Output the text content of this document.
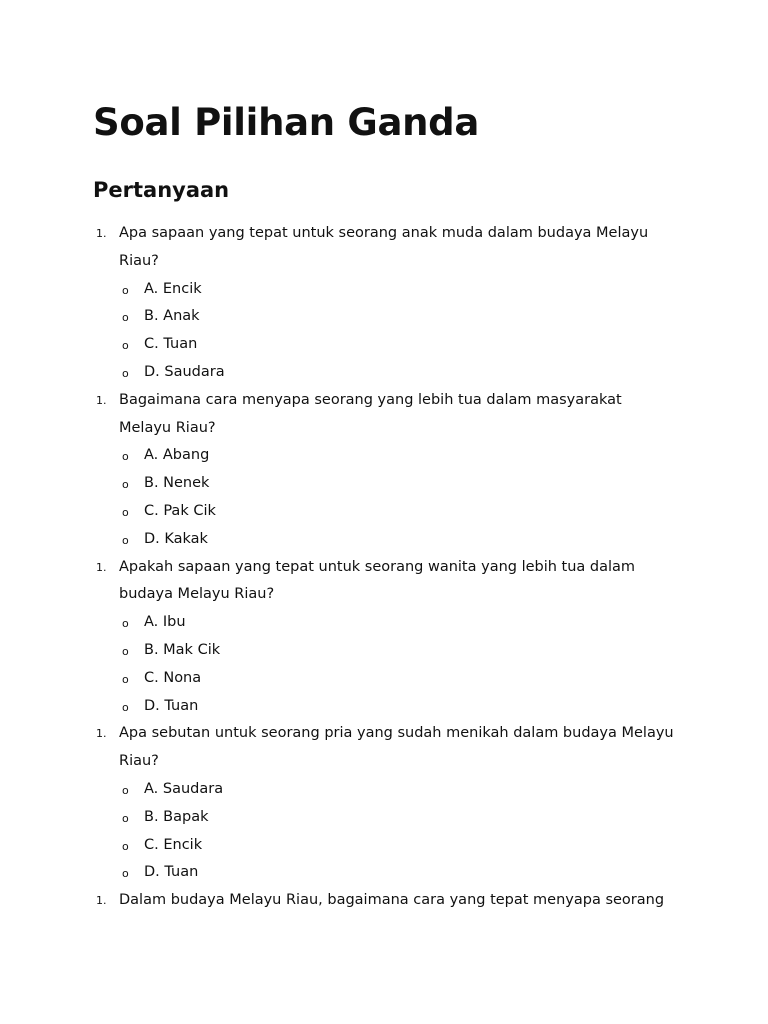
Soal Pilihan Ganda
Pertanyaan
1. Apa sapaan yang tepat untuk seorang anak muda dalam budaya Melayu Riau?
o A. Encik
o B. Anak
o C. Tuan
o D. Saudara
1. Bagaimana cara menyapa seorang yang lebih tua dalam masyarakat Melayu Riau?
o A. Abang
o B. Nenek
o C. Pak Cik
o D. Kakak
1. Apakah sapaan yang tepat untuk seorang wanita yang lebih tua dalam budaya Melayu Riau?
o A. Ibu
o B. Mak Cik
o C. Nona
o D. Tuan
1. Apa sebutan untuk seorang pria yang sudah menikah dalam budaya Melayu Riau?
o A. Saudara
o B. Bapak
o C. Encik
o D. Tuan
1. Dalam budaya Melayu Riau, bagaimana cara yang tepat menyapa seorang
